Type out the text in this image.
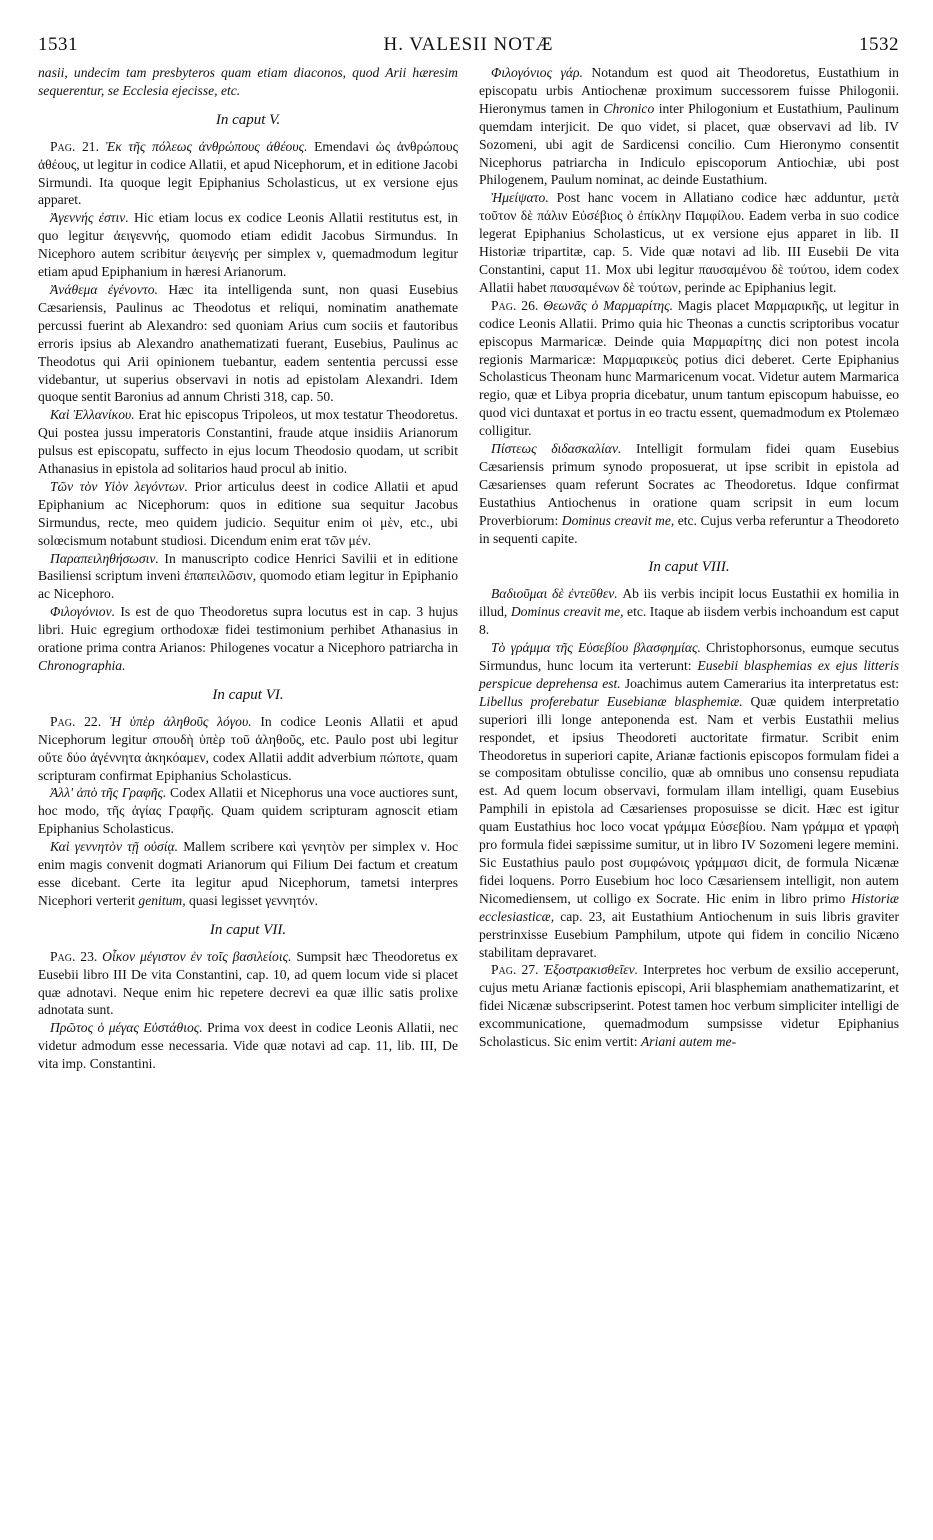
1531	H. VALESII NOTÆ	1532

nasii, undecim tam presbyteros quam etiam diaconos, quod Arii hæresim sequerentur, se Ecclesia ejecisse, etc.

In caput V.

Pag. 21. Ἐκ τῆς πόλεως ἀνθρώπους ἀθέους. Emendavi ὡς ἀνθρώπους ἀθέους, ut legitur in codice Allatii, et apud Nicephorum, et in editione Jacobi Sirmundi. Ita quoque legit Epiphanius Scholasticus, ut ex versione ejus apparet.

Ἀγεννής ἐστιν. Hic etiam locus ex codice Leonis Allatii restitutus est, in quo legitur ἀειγεννής, quomodo etiam edidit Jacobus Sirmundus. In Nicephoro autem scribitur ἀειγενής per simplex ν, quemadmodum legitur etiam apud Epiphanium in hæresi Arianorum.

Ἀνάθεμα ἐγένοντο. Hæc ita intelligenda sunt, non quasi Eusebius Cæsariensis, Paulinus ac Theodotus et reliqui, nominatim anathemate percussi fuerint ab Alexandro: sed quoniam Arius cum sociis et fautoribus erroris ipsius ab Alexandro anathematizati fuerant, Eusebius, Paulinus ac Theodotus qui Arii opinionem tuebantur, eadem sententia percussi esse videbantur, ut superius observavi in notis ad epistolam Alexandri. Idem quoque sentit Baronius ad annum Christi 318, cap. 50.

Καὶ Ἑλλανίκου. Erat hic episcopus Tripoleos, ut mox testatur Theodoretus. Qui postea jussu imperatoris Constantini, fraude atque insidiis Arianorum pulsus est episcopatu, suffecto in ejus locum Theodosio quodam, ut scribit Athanasius in epistola ad solitarios haud procul ab initio.

Τῶν τὸν Υἱὸν λεγόντων. Prior articulus deest in codice Allatii et apud Epiphanium ac Nicephorum: quos in editione sua sequitur Jacobus Sirmundus, recte, meo quidem judicio. Sequitur enim οἱ μὲν, etc., ubi solœcismum notabunt studiosi. Dicendum enim erat τῶν μέν.

Παραπειληθήσωσιν. In manuscripto codice Henrici Savilii et in editione Basiliensi scriptum inveni ἐπαπειλῶσιν, quomodo etiam legitur in Epiphanio ac Nicephoro.

Φιλογόνιον. Is est de quo Theodoretus supra locutus est in cap. 3 hujus libri. Huic egregium orthodoxæ fidei testimonium perhibet Athanasius in oratione prima contra Arianos: Philogenes vocatur a Nicephoro patriarcha in Chronographia.

In caput VI.

Pag. 22. Ἡ ὑπὲρ ἀληθοῦς λόγου. In codice Leonis Allatii et apud Nicephorum legitur σπουδὴ ὑπὲρ τοῦ ἀληθοῦς, etc. Paulo post ubi legitur οὔτε δύο ἀγέννητα ἀκηκόαμεν, codex Allatii addit adverbium πώποτε, quam scripturam confirmat Epiphanius Scholasticus.

Ἀλλ' ἀπὸ τῆς Γραφῆς. Codex Allatii et Nicephorus una voce auctiores sunt, hoc modo, τῆς ἁγίας Γραφῆς. Quam quidem scripturam agnoscit etiam Epiphanius Scholasticus.

Καὶ γεννητὸν τῇ οὐσίᾳ. Mallem scribere καὶ γενητὸν per simplex ν. Hoc enim magis convenit dogmati Arianorum qui Filium Dei factum et creatum esse dicebant. Certe ita legitur apud Nicephorum, tametsi interpres Nicephori verterit genitum, quasi legisset γεννητόν.

In caput VII.

Pag. 23. Οἶκον μέγιστον ἐν τοῖς βασιλείοις. Sumpsit hæc Theodoretus ex Eusebii libro III De vita Constantini, cap. 10, ad quem locum vide si placet quæ adnotavi. Neque enim hic repetere decrevi ea quæ illic satis prolixe adnotata sunt.

Πρῶτος ὁ μέγας Εὐστάθιος. Prima vox deest in codice Leonis Allatii, nec videtur admodum esse necessaria. Vide quæ notavi ad cap. 11, lib. III, De vita imp. Constantini.

Φιλογόνιος γάρ. Notandum est quod ait Theodoretus, Eustathium in episcopatu urbis Antiochenæ proximum successorem fuisse Philogonii. Hieronymus tamen in Chronico inter Philogonium et Eustathium, Paulinum quemdam interjicit. De quo videt, si placet, quæ observavi ad lib. IV Sozomeni, ubi agit de Sardicensi concilio. Cum Hieronymo consentit Nicephorus patriarcha in Indiculo episcoporum Antiochiæ, ubi post Philogenem, Paulum nominat, ac deinde Eustathium.

Ἠμείψατο. Post hanc vocem in Allatiano codice hæc adduntur, μετὰ τοῦτον δὲ πάλιν Εὐσέβιος ὁ ἐπίκλην Παμφίλου. Eadem verba in suo codice legerat Epiphanius Scholasticus, ut ex versione ejus apparet in lib. II Historiæ tripartitæ, cap. 5. Vide quæ notavi ad lib. III Eusebii De vita Constantini, caput 11. Mox ubi legitur παυσαμένου δὲ τούτου, idem codex Allatii habet παυσαμένων δὲ τούτων, perinde ac Epiphanius legit.

Pag. 26. Θεωνᾶς ὁ Μαρμαρίτης. Magis placet Μαρμαρικῆς, ut legitur in codice Leonis Allatii. Primo quia hic Theonas a cunctis scriptoribus vocatur episcopus Marmaricæ. Deinde quia Μαρμαρίτης dici non potest incola regionis Marmaricæ: Μαρμαρικεὺς potius dici deberet. Certe Epiphanius Scholasticus Theonam hunc Marmaricenum vocat. Videtur autem Marmarica regio, quæ et Libya propria dicebatur, unum tantum episcopum habuisse, eo quod vici duntaxat et portus in eo tractu essent, quemadmodum ex Ptolemæo colligitur.

Πίστεως διδασκαλίαν. Intelligit formulam fidei quam Eusebius Cæsariensis primum synodo proposuerat, ut ipse scribit in epistola ad Cæsarienses quam referunt Socrates ac Theodoretus. Idque confirmat Eustathius Antiochenus in oratione quam scripsit in eum locum Proverbiorum: Dominus creavit me, etc. Cujus verba referuntur a Theodoreto in sequenti capite.

In caput VIII.

Βαδιοῦμαι δὲ ἐντεῦθεν. Ab iis verbis incipit locus Eustathii ex homilia in illud, Dominus creavit me, etc. Itaque ab iisdem verbis inchoandum est caput 8.

Τὸ γράμμα τῆς Εὐσεβίου βλασφημίας. Christophorsonus, eumque secutus Sirmundus, hunc locum ita verterunt: Eusebii blasphemias ex ejus litteris perspicue deprehensa est. Joachimus autem Camerarius ita interpretatus est: Libellus proferebatur Eusebianæ blasphemiæ. Quæ quidem interpretatio superiori illi longe anteponenda est. Nam et verbis Eustathii melius respondet, et ipsius Theodoreti auctoritate firmatur. Scribit enim Theodoretus in superiori capite, Arianæ factionis episcopos formulam fidei a se compositam obtulisse concilio, quæ ab omnibus uno consensu repudiata est. Ad quem locum observavi, formulam illam intelligi, quam Eusebius Pamphili in epistola ad Cæsarienses proposuisse se dicit. Hæc est igitur quam Eustathius hoc loco vocat γράμμα Εὐσεβίου. Nam γράμμα et γραφὴ pro formula fidei sæpissime sumitur, ut in libro IV Sozomeni legere memini. Sic Eustathius paulo post συμφώνοις γράμμασι dicit, de formula Nicænæ fidei loquens. Porro Eusebium hoc loco Cæsariensem intelligit, non autem Nicomediensem, ut colligo ex Socrate. Hic enim in libro primo Historiæ ecclesiasticæ, cap. 23, ait Eustathium Antiochenum in suis libris graviter perstrinxisse Eusebium Pamphilum, utpote qui fidem in concilio Nicæno stabilitam depravaret.

Pag. 27. Ἐξοστρακισθεῖεν. Interpretes hoc verbum de exsilio acceperunt, cujus metu Arianæ factionis episcopi, Arii blasphemiam anathematizarint, et fidei Nicænæ subscripserint. Potest tamen hoc verbum simpliciter intelligi de excommunicatione, quemadmodum sumpsisse videtur Epiphanius Scholasticus. Sic enim vertit: Ariani autem me-
